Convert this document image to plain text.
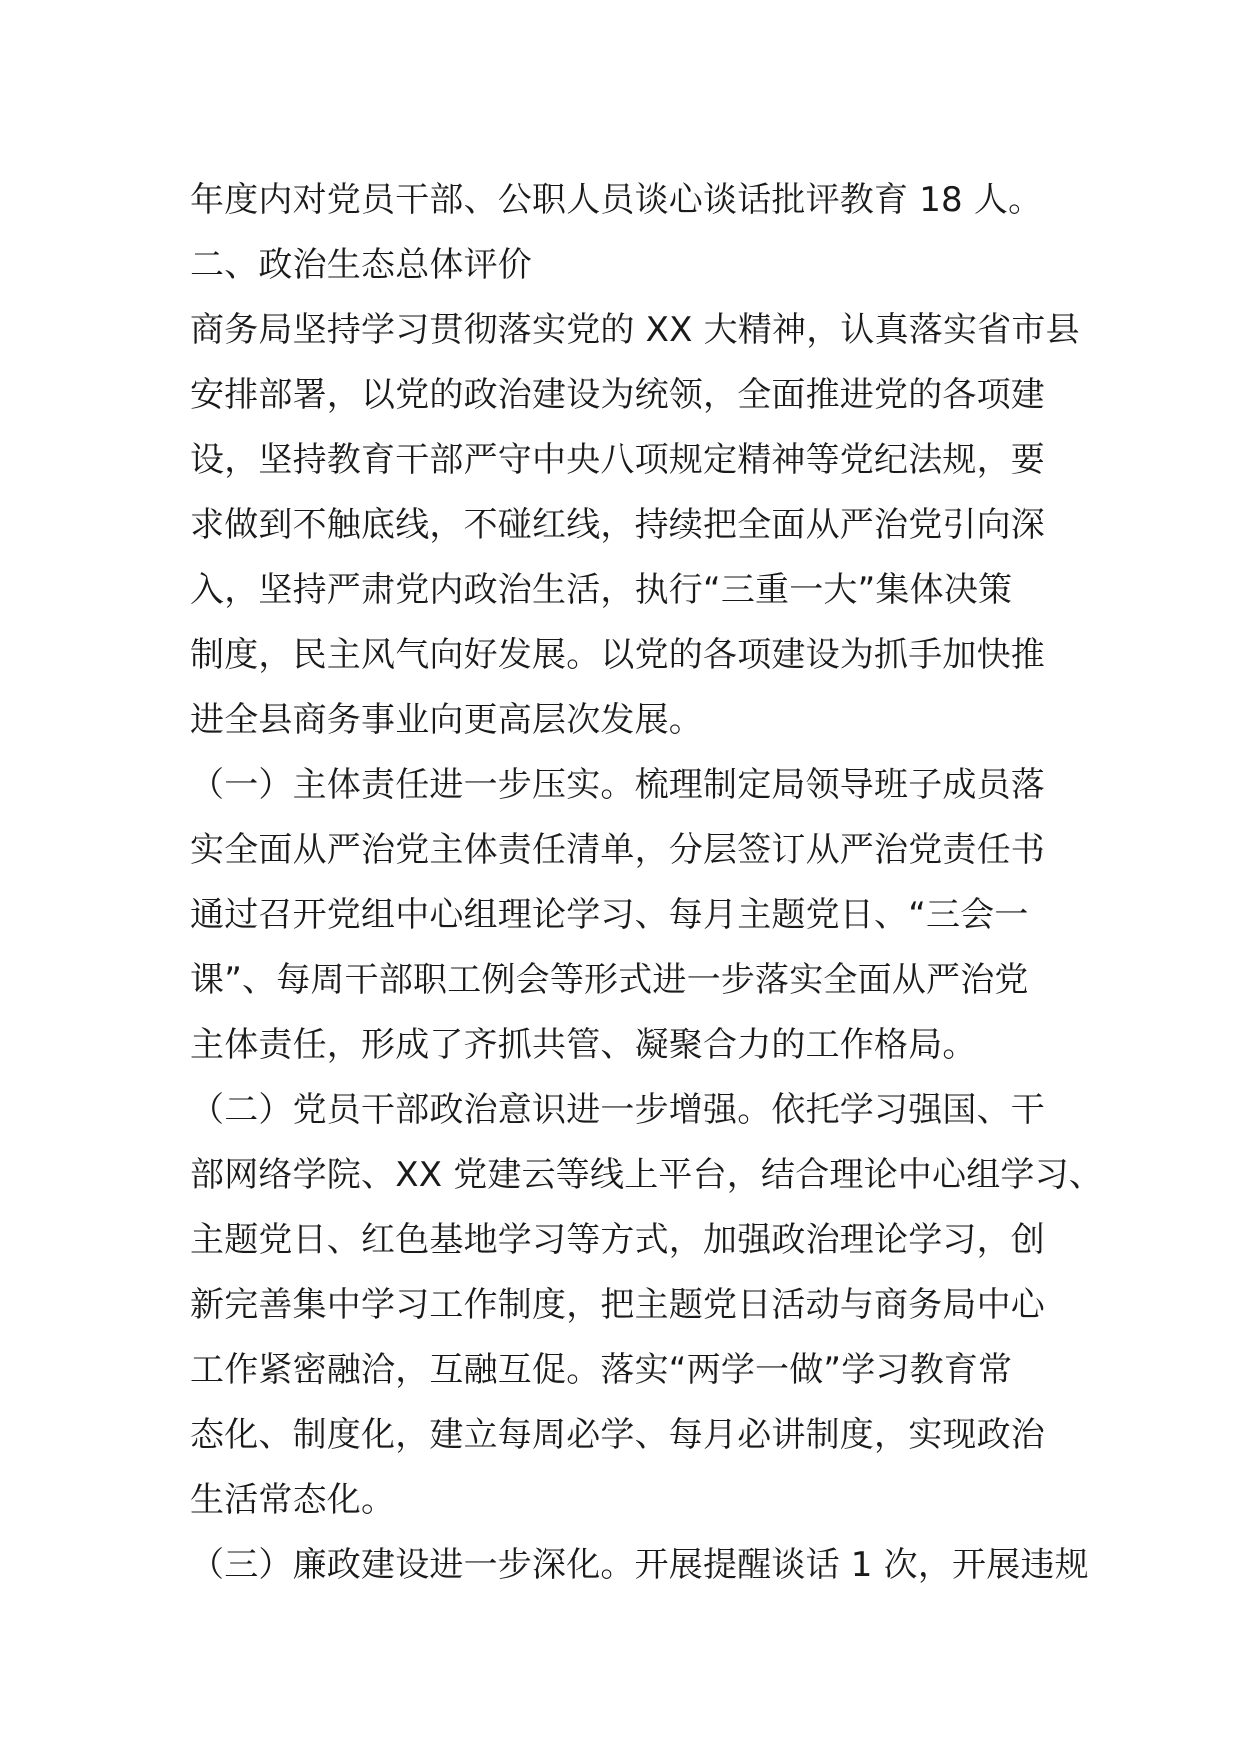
年度内对党员干部、公职人员谈心谈话批评教育 18 人。
二、政治生态总体评价
商务局坚持学习贯彻落实党的 XX 大精神，认真落实省市县
安排部署，以党的政治建设为统领，全面推进党的各项建
设，坚持教育干部严守中央八项规定精神等党纪法规，要
求做到不触底线，不碰红线，持续把全面从严治党引向深
入，坚持严肃党内政治生活，执行“三重一大”集体决策
制度，民主风气向好发展。以党的各项建设为抓手加快推
进全县商务事业向更高层次发展。
（一）主体责任进一步压实。梳理制定局领导班子成员落
实全面从严治党主体责任清单，分层签订从严治党责任书
通过召开党组中心组理论学习、每月主题党日、“三会一
课”、每周干部职工例会等形式进一步落实全面从严治党
主体责任，形成了齐抓共管、凝聚合力的工作格局。
（二）党员干部政治意识进一步增强。依托学习强国、干
部网络学院、XX 党建云等线上平台，结合理论中心组学习、
主题党日、红色基地学习等方式，加强政治理论学习，创
新完善集中学习工作制度，把主题党日活动与商务局中心
工作紧密融洽，互融互促。落实“两学一做”学习教育常
态化、制度化，建立每周必学、每月必讲制度，实现政治
生活常态化。
（三）廉政建设进一步深化。开展提醒谈话 1 次，开展违规
